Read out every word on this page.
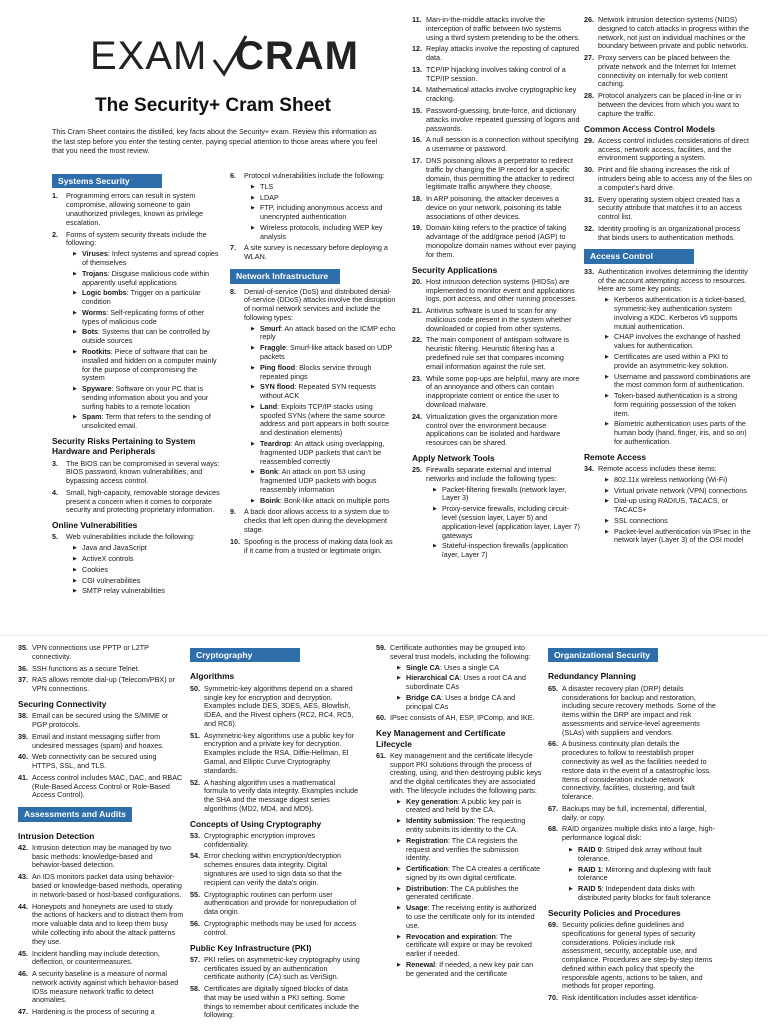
EXAM CRAM
The Security+ Cram Sheet
This Cram Sheet contains the distilled, key facts about the Security+ exam. Review this information as the last step before you enter the testing center, paying special attention to those areas where you feel that you need the most review.
Systems Security
1. Programming errors can result in system compromise, allowing someone to gain unauthorized privileges, known as privilege escalation.
2. Forms of system security threats include the following:
▶ Viruses: Infect systems and spread copies of themselves
▶ Trojans: Disguise malicious code within apparently useful applications
▶ Logic bombs: Trigger on a particular condition
▶ Worms: Self-replicating forms of other types of malicious code
▶ Bots: Systems that can be controlled by outside sources
▶ Rootkits: Piece of software that can be installed and hidden on a computer mainly for the purpose of compromising the system
▶ Spyware: Software on your PC that is sending information about you and your surfing habits to a remote location
▶ Spam: Term that refers to the sending of unsolicited email.
Security Risks Pertaining to System Hardware and Peripherals
3. The BIOS can be compromised in several ways: BIOS password, known vulnerabilities, and bypassing access control.
4. Small, high-capacity, removable storage devices present a concern when it comes to corporate security and protecting proprietary information.
Online Vulnerabilities
5. Web vulnerabilities include the following:
▶ Java and JavaScript
▶ ActiveX controls
▶ Cookies
▶ CGI vulnerabilities
▶ SMTP relay vulnerabilities
6. Protocol vulnerabilities include the following:
▶ TLS
▶ LDAP
▶ FTP, including anonymous access and unencrypted authentication
▶ Wireless protocols, including WEP key analysis
7. A site survey is necessary before deploying a WLAN.
Network Infrastructure
8. Denial-of-service (DoS) and distributed denial-of-service (DDoS) attacks involve the disruption of normal network services and include the following types:
▶ Smurf: An attack based on the ICMP echo reply
▶ Fraggle: Smurf-like attack based on UDP packets
▶ Ping flood: Blocks service through repeated pings
▶ SYN flood: Repeated SYN requests without ACK
▶ Land: Exploits TCP/IP stacks using spoofed SYNs (where the same source address and port appears in both source and destination elements)
▶ Teardrop: An attack using overlapping, fragmented UDP packets that can't be reassembled correctly
▶ Bonk: An attack on port 53 using fragmented UDP packets with bogus reassembly information
▶ Boink: Bonk-like attack on multiple ports
9. A back door allows access to a system due to checks that left open during the development stage.
10. Spoofing is the process of making data look as if it came from a trusted or legitimate origin.
11. Man-in-the-middle attacks involve the interception of traffic between two systems using a third system pretending to be the others.
12. Replay attacks involve the reposting of captured data.
13. TCP/IP hijacking involves taking control of a TCP/IP session.
14. Mathematical attacks involve cryptographic key cracking.
15. Password-guessing, brute-force, and dictionary attacks involve repeated guessing of logons and passwords.
16. A null session is a connection without specifying a username or password.
17. DNS poisoning allows a perpetrator to redirect traffic by changing the IP record for a specific domain, thus permitting the attacker to redirect legitimate traffic anywhere they choose.
18. In ARP poisoning, the attacker deceives a device on your network, poisoning its table associations of other devices.
19. Domain kiting refers to the practice of taking advantage of the add/grace period (AGP) to monopolize domain names without ever paying for them.
Security Applications
20. Host intrusion detection systems (HIDSs) are implemented to monitor event and applications logs, port access, and other running processes.
21. Antivirus software is used to scan for any malicious code present in the system whether downloaded or copied from other systems.
22. The main component of antispam software is heuristic filtering. Heuristic filtering has a predefined rule set that compares incoming email information against the rule set.
23. While some pop-ups are helpful, many are more of an annoyance and others can contain inappropriate content or entice the user to download malware.
24. Virtualization gives the organization more control over the environment because applications can be isolated and hardware resources can be shared.
Apply Network Tools
25. Firewalls separate external and internal networks and include the following types:
▶ Packet-filtering firewalls (network layer, Layer 3)
▶ Proxy-service firewalls, including circuit-level (session layer, Layer 5) and application-level (application layer, Layer 7) gateways
▶ Stateful-inspection firewalls (application layer, Layer 7)
26. Network intrusion detection systems (NIDS) designed to catch attacks in progress within the network, not just on individual machines or the boundary between private and public networks.
27. Proxy servers can be placed between the private network and the Internet for Internet connectivity on internally for web content caching.
28. Protocol analyzers can be placed in-line or in between the devices from which you want to capture the traffic.
Common Access Control Models
29. Access control includes considerations of direct access, network access, facilities, and the environment supporting a system.
30. Print and file sharing increases the risk of intruders being able to access any of the files on a computer's hard drive.
31. Every operating system object created has a security attribute that matches it to an access control list.
32. Identity proofing is an organizational process that binds users to authentication methods.
Access Control
33. Authentication involves determining the identity of the account attempting access to resources. Here are some key points:
▶ Kerberos authentication is a ticket-based, symmetric-key authentication system involving a KDC. Kerberos v5 supports mutual authentication.
▶ CHAP involves the exchange of hashed values for authentication.
▶ Certificates are used within a PKI to provide an asymmetric-key solution.
▶ Username and password combinations are the most common form of authentication.
▶ Token-based authentication is a strong form requiring possession of the token item.
▶ Biometric authentication uses parts of the human body (hand, finger, iris, and so on) for authentication.
Remote Access
34. Remote access includes these items:
▶ 802.11x wireless networking (Wi-Fi)
▶ Virtual private network (VPN) connections
▶ Dial-up using RADIUS, TACACS, or TACACS+
▶ SSL connections
▶ Packet-level authentication via IPsec in the network layer (Layer 3) of the OSI model
35. VPN connections use PPTP or L2TP connectivity.
36. SSH functions as a secure Telnet.
37. RAS allows remote dial-up (Telecom/PBX) or VPN connections.
Securing Connectivity
38. Email can be secured using the S/MIME or PGP protocols.
39. Email and instant messaging suffer from undesired messages (spam) and hoaxes.
40. Web connectivity can be secured using HTTPS, SSL, and TLS.
41. Access control includes MAC, DAC, and RBAC (Rule-Based Access Control or Role-Based Access Control).
Assessments and Audits
Intrusion Detection
42. Intrusion detection may be managed by two basic methods: knowledge-based and behavior-based detection.
43. An IDS monitors packet data using behavior-based or knowledge-based methods, operating in network-based or host-based configurations.
44. Honeypots and honeynets are used to study the actions of hackers and to distract them from more valuable data and to keep them busy while collecting info about the attack patterns they use.
45. Incident handling may include detection, deflection, or countermeasures.
46. A security baseline is a measure of normal network activity against which behavior-based IDSs measure network traffic to detect anomalies.
47. Hardening is the process of securing a
Cryptography
Algorithms
50. Symmetric-key algorithms depend on a shared single key for encryption and decryption. Examples include DES, 3DES, AES, Blowfish, IDEA, and the Rivest ciphers (RC2, RC4, RC5, and RC6).
51. Asymmetric-key algorithms use a public key for encryption and a private key for decryption. Examples include the RSA, Diffie-Hellman, El Gamal, and Elliptic Curve Cryptography standards.
52. A hashing algorithm uses a mathematical formula to verify data integrity. Examples include the SHA and the message digest series algorithms (MD2, MD4, and MD5).
Concepts of Using Cryptography
53. Cryptographic encryption improves confidentiality.
54. Error checking within encryption/decryption schemes ensures data integrity. Digital signatures are used to sign data so that the recipient can verify the data's origin.
55. Cryptographic routines can perform user authentication and provide for nonrepudiation of data origin.
56. Cryptographic methods may be used for access control.
Public Key Infrastructure (PKI)
57. PKI relies on asymmetric-key cryptography using certificates issued by an authentication certificate authority (CA) such as VeriSign.
58. Certificates are digitally signed blocks of data that may be used within a PKI setting. Some things to remember about certificates include the following:
59. Certificate authorities may be grouped into several trust models, including the following:
▶ Single CA: Uses a single CA
▶ Hierarchical CA: Uses a root CA and subordinate CAs
▶ Bridge CA: Uses a bridge CA and principal CAs
60. IPsec consists of AH, ESP, IPComp, and IKE.
Key Management and Certificate Lifecycle
61. Key management and the certificate lifecycle support PKI solutions through the process of creating, using, and then destroying public keys and the digital certificates they are associated with. The lifecycle includes the following parts:
▶ Key generation: A public key pair is created and held by the CA.
▶ Identity submission: The requesting entity submits its identity to the CA.
▶ Registration: The CA registers the request and verifies the submission identity.
▶ Certification: The CA creates a certificate signed by its own digital certificate.
▶ Distribution: The CA publishes the generated certificate.
▶ Usage: The receiving entity is authorized to use the certificate only for its intended use.
▶ Revocation and expiration: The certificate will expire or may be revoked earlier if needed.
▶ Renewal: If needed, a new key pair can be generated and the certificate
Organizational Security
Redundancy Planning
65. A disaster recovery plan (DRP) details considerations for backup and restoration, including secure recovery methods. Some of the items within the DRP are impact and risk assessments and service-level agreements (SLAs) with suppliers and vendors.
66. A business continuity plan details the procedures to follow to reestablish proper connectivity as well as the facilities needed to restore data in the event of a catastrophic loss. Items of consideration include network connectivity, facilities, clustering, and fault tolerance.
67. Backups may be full, incremental, differential, daily, or copy.
68. RAID organizes multiple disks into a large, high-performance logical disk:
▶ RAID 0: Striped disk array without fault tolerance.
▶ RAID 1: Mirroring and duplexing with fault tolerance
▶ RAID 5: Independent data disks with distributed parity blocks for fault tolerance
Security Policies and Procedures
69. Security policies define guidelines and specifications for general types of security considerations. Policies include risk assessment, security, acceptable use, and compliance. Procedures are step-by-step items defined within each policy that specify the responsible agents, actions to be taken, and methods for proper reporting.
70. Risk identification includes asset identifica-
